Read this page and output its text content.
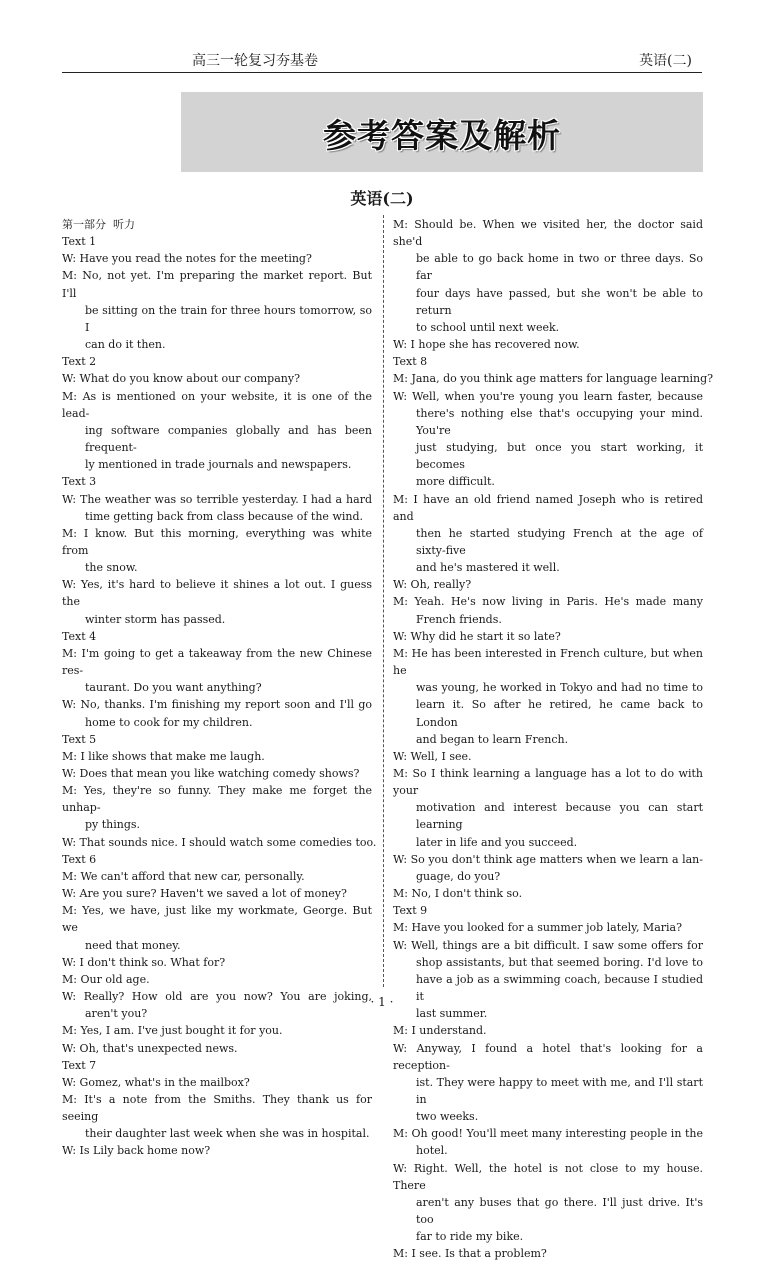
高三一轮复习夯基卷	英语(二)
参考答案及解析
英语(二)
第一部分  听力
Text 1
W: Have you read the notes for the meeting?
M: No, not yet. I'm preparing the market report. But I'll
be sitting on the train for three hours tomorrow, so I
can do it then.
Text 2
W: What do you know about our company?
M: As is mentioned on your website, it is one of the lead-
ing software companies globally and has been frequent-
ly mentioned in trade journals and newspapers.
Text 3
W: The weather was so terrible yesterday. I had a hard
time getting back from class because of the wind.
M: I know. But this morning, everything was white from
the snow.
W: Yes, it's hard to believe it shines a lot out. I guess the
winter storm has passed.
Text 4
M: I'm going to get a takeaway from the new Chinese res-
taurant. Do you want anything?
W: No, thanks. I'm finishing my report soon and I'll go
home to cook for my children.
Text 5
M: I like shows that make me laugh.
W: Does that mean you like watching comedy shows?
M: Yes, they're so funny. They make me forget the unhap-
py things.
W: That sounds nice. I should watch some comedies too.
Text 6
M: We can't afford that new car, personally.
W: Are you sure? Haven't we saved a lot of money?
M: Yes, we have, just like my workmate, George. But we
need that money.
W: I don't think so. What for?
M: Our old age.
W: Really? How old are you now? You are joking,
aren't you?
M: Yes, I am. I've just bought it for you.
W: Oh, that's unexpected news.
Text 7
W: Gomez, what's in the mailbox?
M: It's a note from the Smiths. They thank us for seeing
their daughter last week when she was in hospital.
W: Is Lily back home now?
M: Should be. When we visited her, the doctor said she'd
be able to go back home in two or three days. So far
four days have passed, but she won't be able to return
to school until next week.
W: I hope she has recovered now.
Text 8
M: Jana, do you think age matters for language learning?
W: Well, when you're young you learn faster, because
there's nothing else that's occupying your mind. You're
just studying, but once you start working, it becomes
more difficult.
M: I have an old friend named Joseph who is retired and
then he started studying French at the age of sixty-five
and he's mastered it well.
W: Oh, really?
M: Yeah. He's now living in Paris. He's made many
French friends.
W: Why did he start it so late?
M: He has been interested in French culture, but when he
was young, he worked in Tokyo and had no time to
learn it. So after he retired, he came back to London
and began to learn French.
W: Well, I see.
M: So I think learning a language has a lot to do with your
motivation and interest because you can start learning
later in life and you succeed.
W: So you don't think age matters when we learn a lan-
guage, do you?
M: No, I don't think so.
Text 9
M: Have you looked for a summer job lately, Maria?
W: Well, things are a bit difficult. I saw some offers for
shop assistants, but that seemed boring. I'd love to
have a job as a swimming coach, because I studied it
last summer.
M: I understand.
W: Anyway, I found a hotel that's looking for a reception-
ist. They were happy to meet with me, and I'll start in
two weeks.
M: Oh good! You'll meet many interesting people in the
hotel.
W: Right. Well, the hotel is not close to my house. There
aren't any buses that go there. I'll just drive. It's too
far to ride my bike.
M: I see. Is that a problem?
· 1 ·
